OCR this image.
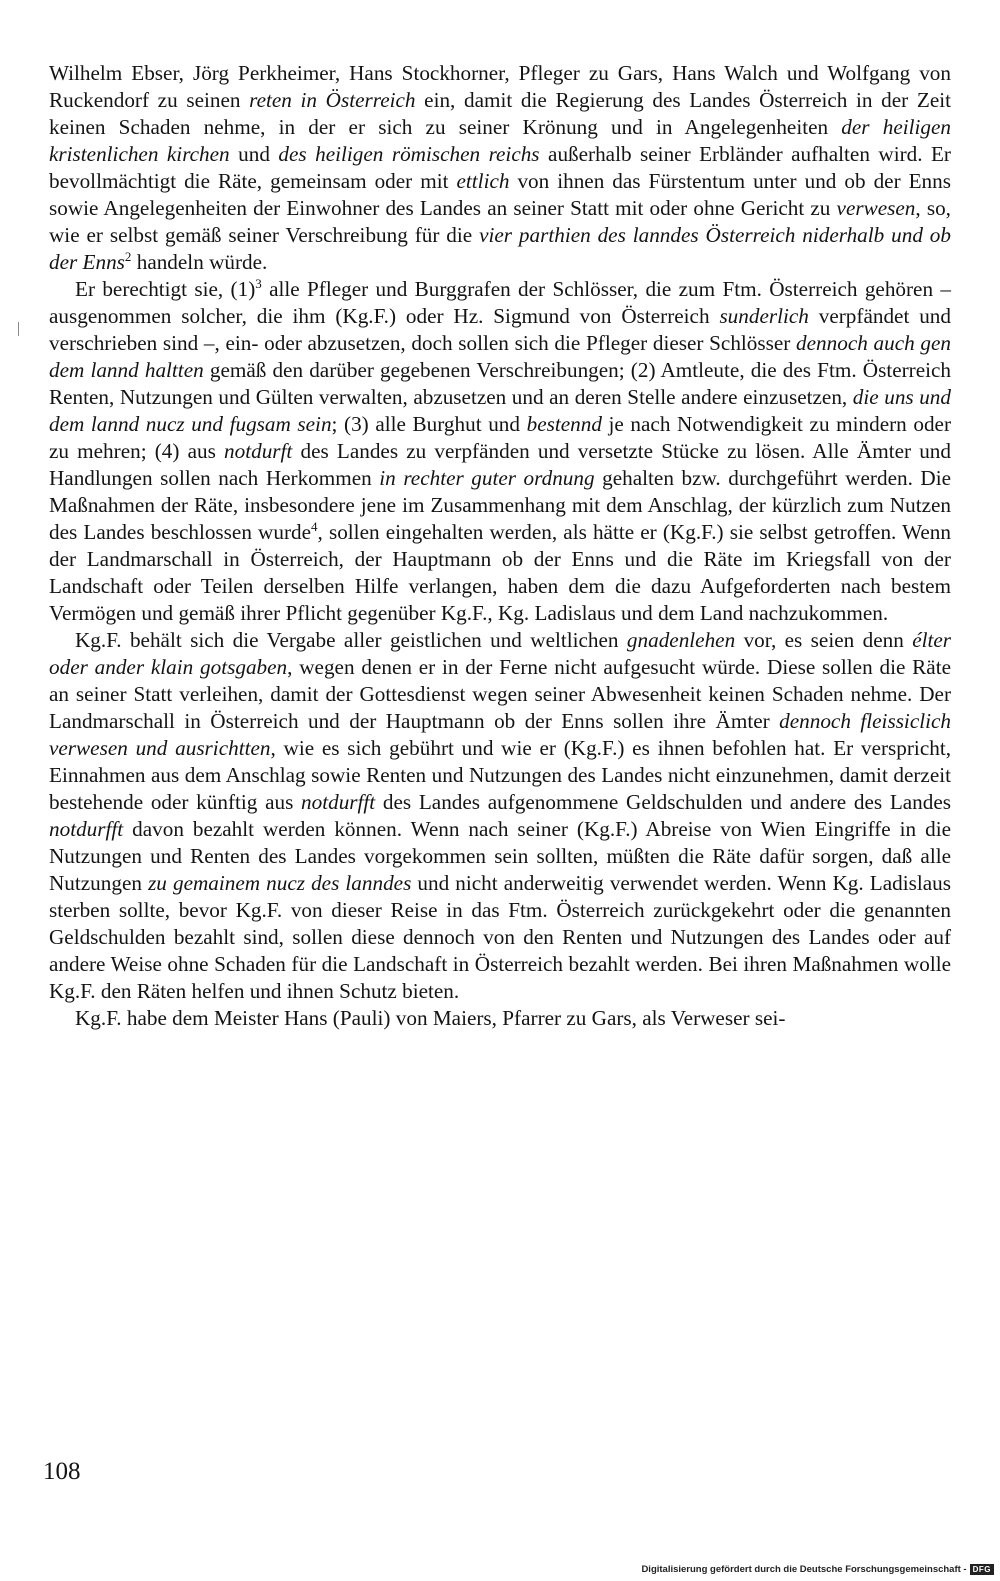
Wilhelm Ebser, Jörg Perkheimer, Hans Stockhorner, Pfleger zu Gars, Hans Walch und Wolfgang von Ruckendorf zu seinen reten in Österreich ein, damit die Regierung des Landes Österreich in der Zeit keinen Schaden nehme, in der er sich zu seiner Krönung und in Angelegenheiten der heiligen kristenlichen kirchen und des heiligen römischen reichs außerhalb seiner Erbländer aufhalten wird. Er bevollmächtigt die Räte, gemeinsam oder mit ettlich von ihnen das Fürstentum unter und ob der Enns sowie Angelegenheiten der Einwohner des Landes an seiner Statt mit oder ohne Gericht zu verwesen, so, wie er selbst gemäß seiner Verschreibung für die vier parthien des lanndes Österreich niderhalb und ob der Enns$^2$ handeln würde.

Er berechtigt sie, $(1)^3$ alle Pfleger und Burggrafen der Schlösser, die zum Ftm. Österreich gehören – ausgenommen solcher, die ihm (Kg.F.) oder Hz. Sigmund von Österreich sunderlich verpfändet und verschrieben sind –, ein- oder abzusetzen, doch sollen sich die Pfleger dieser Schlösser dennoch auch gen dem lannd haltten gemäß den darüber gegebenen Verschreibungen; (2) Amtleute, die des Ftm. Österreich Renten, Nutzungen und Gülten verwalten, abzusetzen und an deren Stelle andere einzusetzen, die uns und dem lannd nucz und fugsam sein; (3) alle Burghut und bestennd je nach Notwendigkeit zu mindern oder zu mehren; (4) aus notdurft des Landes zu verpfänden und versetzte Stücke zu lösen. Alle Ämter und Handlungen sollen nach Herkommen in rechter guter ordnung gehalten bzw. durchgeführt werden. Die Maßnahmen der Räte, insbesondere jene im Zusammenhang mit dem Anschlag, der kürzlich zum Nutzen des Landes beschlossen wurde$^4$, sollen eingehalten werden, als hätte er (Kg.F.) sie selbst getroffen. Wenn der Landmarschall in Österreich, der Hauptmann ob der Enns und die Räte im Kriegsfall von der Landschaft oder Teilen derselben Hilfe verlangen, haben dem die dazu Aufgeforderten nach bestem Vermögen und gemäß ihrer Pflicht gegenüber Kg.F., Kg. Ladislaus und dem Land nachzukommen.

Kg.F. behält sich die Vergabe aller geistlichen und weltlichen gnadenlehen vor, es seien denn élter oder ander klain gotsgaben, wegen denen er in der Ferne nicht aufgesucht würde. Diese sollen die Räte an seiner Statt verleihen, damit der Gottesdienst wegen seiner Abwesenheit keinen Schaden nehme. Der Landmarschall in Österreich und der Hauptmann ob der Enns sollen ihre Ämter dennoch fleissiclich verwesen und ausrichtten, wie es sich gebührt und wie er (Kg.F.) es ihnen befohlen hat. Er verspricht, Einnahmen aus dem Anschlag sowie Renten und Nutzungen des Landes nicht einzunehmen, damit derzeit bestehende oder künftig aus notdurfft des Landes aufgenommene Geldschulden und andere des Landes notdurfft davon bezahlt werden können. Wenn nach seiner (Kg.F.) Abreise von Wien Eingriffe in die Nutzungen und Renten des Landes vorgekommen sein sollten, müßten die Räte dafür sorgen, daß alle Nutzungen zu gemainem nucz des lanndes und nicht anderweitig verwendet werden. Wenn Kg. Ladislaus sterben sollte, bevor Kg.F. von dieser Reise in das Ftm. Österreich zurückgekehrt oder die genannten Geldschulden bezahlt sind, sollen diese dennoch von den Renten und Nutzungen des Landes oder auf andere Weise ohne Schaden für die Landschaft in Österreich bezahlt werden. Bei ihren Maßnahmen wolle Kg.F. den Räten helfen und ihnen Schutz bieten.

Kg.F. habe dem Meister Hans (Pauli) von Maiers, Pfarrer zu Gars, als Verweser sei-

108
Digitalisierung gefördert durch die Deutsche Forschungsgemeinschaft - DFG
